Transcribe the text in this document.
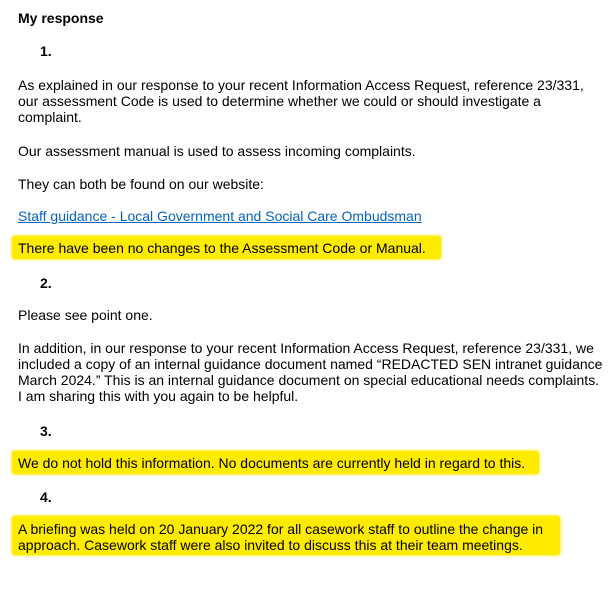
My response
1.
As explained in our response to your recent Information Access Request, reference 23/331, our assessment Code is used to determine whether we could or should investigate a complaint.
Our assessment manual is used to assess incoming complaints.
They can both be found on our website:
Staff guidance - Local Government and Social Care Ombudsman
There have been no changes to the Assessment Code or Manual.
2.
Please see point one.
In addition, in our response to your recent Information Access Request, reference 23/331, we included a copy of an internal guidance document named “REDACTED SEN intranet guidance March 2024.” This is an internal guidance document on special educational needs complaints. I am sharing this with you again to be helpful.
3.
We do not hold this information. No documents are currently held in regard to this.
4.
A briefing was held on 20 January 2022 for all casework staff to outline the change in approach. Casework staff were also invited to discuss this at their team meetings.
